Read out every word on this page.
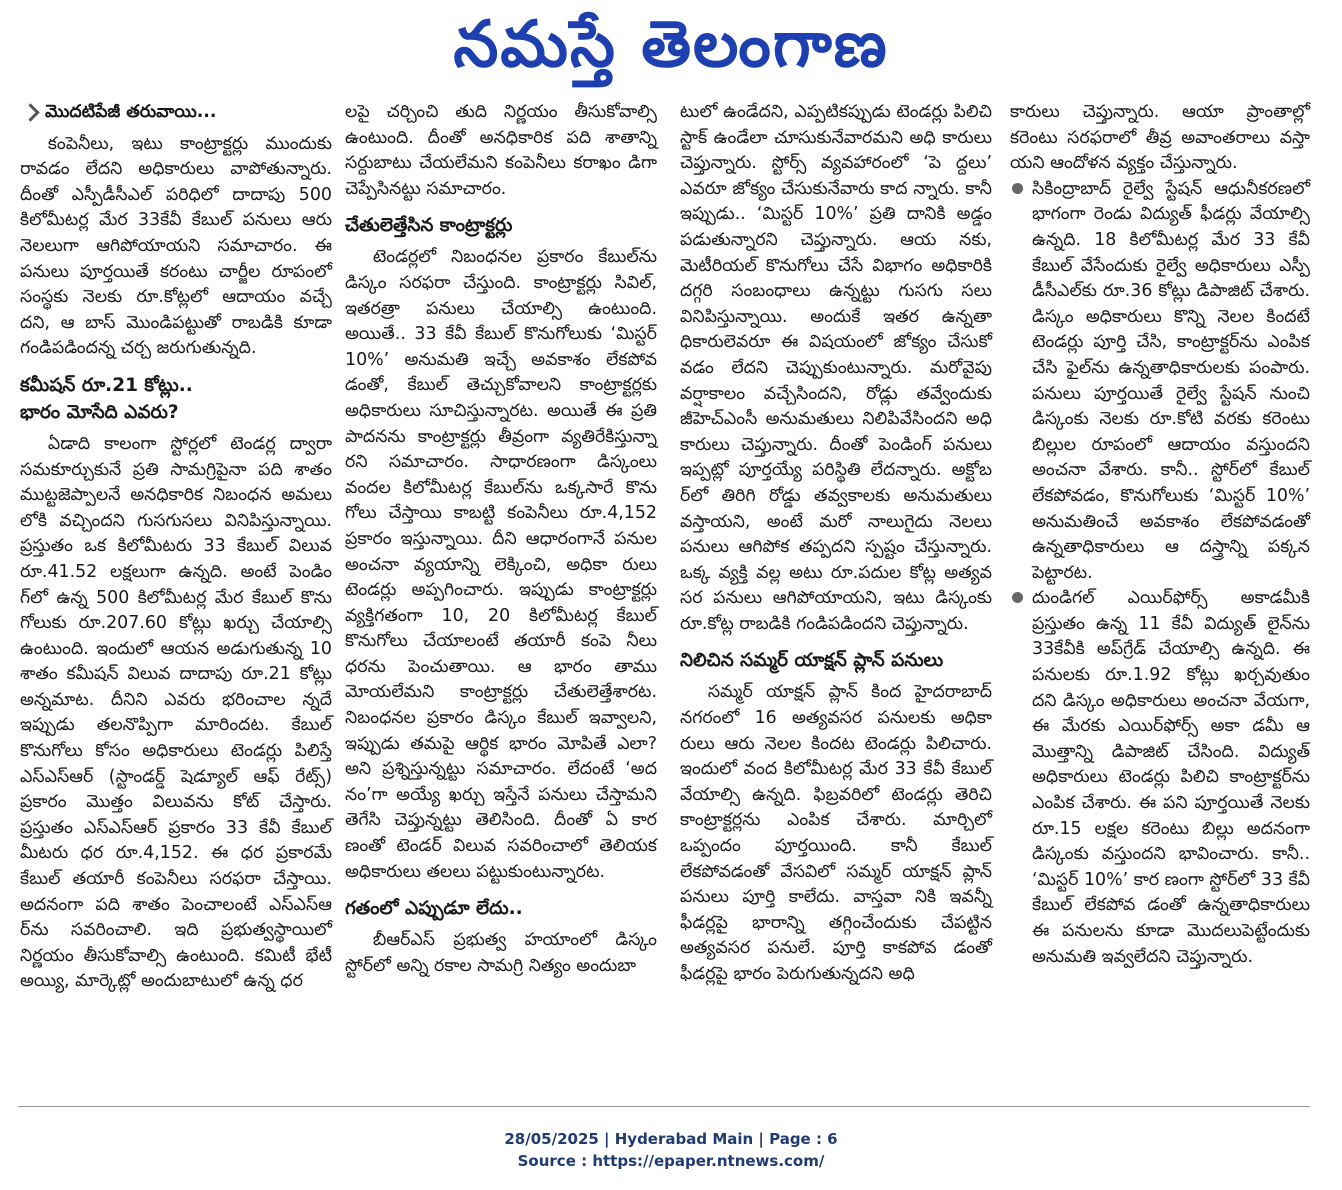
నమస్తే తెలంగాణ
మొదటిపేజీ తరువాయి...

కంపెనీలు, ఇటు కాంట్రాక్టర్లు ముందుకు రావడం లేదని అధికారులు వాపోతున్నారు. దీంతో ఎస్పీడీసీఎల్ పరిధిలో దాదాపు 500 కిలోమీటర్ల మేర 33కేవీ కేబుల్ పనులు ఆరు నెలలుగా ఆగిపోయాయని సమాచారం. ఈ పనులు పూర్తయితే కరంటు చార్జీల రూపంలో సంస్థకు నెలకు రూ.కోట్లలో ఆదాయం వచ్చే దని, ఆ బాస్ మొండిపట్టుతో రాబడికి కూడా గండిపడిందన్న చర్చ జరుగుతున్నది.

కమీషన్ రూ.21 కోట్లు..
భారం మోసేది ఎవరు?

ఏడాది కాలంగా స్టోర్లలో టెండర్ల ద్వారా సమకూర్చుకునే ప్రతి సామగ్రిపైనా పది శాతం ముట్టజెప్పాలనే అనధికారిక నిబంధన అమలు లోకి వచ్చిందని గుసగుసలు వినిపిస్తున్నాయి. ప్రస్తుతం ఒక కిలోమీటరు 33 కేబుల్ విలువ రూ.41.52 లక్షలుగా ఉన్నది. అంటే పెండిం గ్‌లో ఉన్న 500 కిలోమీటర్ల మేర కేబుల్ కొను గోలుకు రూ.207.60 కోట్లు ఖర్చు చేయాల్సి ఉంటుంది. ఇందులో ఆయన అడుగుతున్న 10 శాతం కమీషన్ విలువ దాదాపు రూ.21 కోట్లు అన్నమాట. దీనిని ఎవరు భరించాల న్నదే ఇప్పుడు తలనొప్పిగా మారిందట. కేబుల్ కొనుగోలు కోసం అధికారులు టెండర్లు పిలిస్తే ఎస్ఎస్ఆర్ (స్టాండర్డ్ షెడ్యూల్ ఆఫ్ రేట్స్) ప్రకారం మొత్తం విలువను కోట్ చేస్తారు. ప్రస్తుతం ఎస్ఎస్ఆర్ ప్రకారం 33 కేవీ కేబుల్ మీటరు ధర రూ.4,152. ఈ ధర ప్రకారమే కేబుల్ తయారీ కంపెనీలు సరఫరా చేస్తాయి. అదనంగా పది శాతం పెంచాలంటే ఎస్ఎస్ఆ ర్‌ను సవరించాలి. ఇది ప్రభుత్వస్థాయిలో నిర్ణయం తీసుకోవాల్సి ఉంటుంది. కమిటీ భేటీ అయ్యి, మార్కెట్లో అందుబాటులో ఉన్న ధర

లపై చర్చించి తుది నిర్ణయం తీసుకోవాల్సి ఉంటుంది. దీంతో అనధికారిక పది శాతాన్ని సర్దుబాటు చేయలేమని కంపెనీలు కరాఖం డిగా చెప్పేసినట్టు సమాచారం.

చేతులెత్తేసిన కాంట్రాక్టర్లు

టెండర్లలో నిబంధనల ప్రకారం కేబుల్‌ను డిస్కం సరఫరా చేస్తుంది. కాంట్రాక్టర్లు సివిల్, ఇతరత్రా పనులు చేయాల్సి ఉంటుంది. అయితే.. 33 కేవీ కేబుల్ కొనుగోలుకు ‘మిస్టర్ 10%’ అనుమతి ఇచ్చే అవకాశం లేకపోవ డంతో, కేబుల్ తెచ్చుకోవాలని కాంట్రాక్టర్లకు అధికారులు సూచిస్తున్నారట. అయితే ఈ ప్రతి పాదనను కాంట్రాక్టర్లు తీవ్రంగా వ్యతిరేకిస్తున్నా రని సమాచారం. సాధారణంగా డిస్కంలు వందల కిలోమీటర్ల కేబుల్‌ను ఒక్కసారే కొను గోలు చేస్తాయి కాబట్టి కంపెనీలు రూ.4,152 ప్రకారం ఇస్తున్నాయి. దీని ఆధారంగానే పనుల అంచనా వ్యయాన్ని లెక్కించి, అధికా రులు టెండర్లు అప్పగించారు. ఇప్పుడు కాంట్రాక్టర్లు వ్యక్తిగతంగా 10, 20 కిలోమీటర్ల కేబుల్ కొనుగోలు చేయాలంటే తయారీ కంపె నీలు ధరను పెంచుతాయి. ఆ భారం తాము మోయలేమని కాంట్రాక్టర్లు చేతులెత్తేశారట. నిబంధనల ప్రకారం డిస్కం కేబుల్ ఇవ్వాలని, ఇప్పుడు తమపై ఆర్థిక భారం మోపితే ఎలా? అని ప్రశ్నిస్తున్నట్టు సమాచారం. లేదంటే ‘అద నం’గా అయ్యే ఖర్చు ఇస్తేనే పనులు చేస్తామని తెగేసి చెప్తున్నట్టు తెలిసింది. దీంతో ఏ కార ణంతో టెండర్ విలువ సవరించాలో తెలియక అధికారులు తలలు పట్టుకుంటున్నారట.

గతంలో ఎప్పుడూ లేదు..

బీఆర్ఎస్ ప్రభుత్వ హయాంలో డిస్కం స్టోర్‌లో అన్ని రకాల సామగ్రి నిత్యం అందుబా

టులో ఉండేదని, ఎప్పటికప్పుడు టెండర్లు పిలిచి స్టాక్ ఉండేలా చూసుకునేవారమని అధి కారులు చెప్తున్నారు. స్టోర్స్ వ్యవహారంలో ‘పె ద్దలు’ ఎవరూ జోక్యం చేసుకునేవారు కాద న్నారు. కానీ ఇప్పుడు.. ‘మిస్టర్ 10%’ ప్రతి దానికి అడ్డం పడుతున్నారని చెప్తున్నారు. ఆయ నకు, మెటీరియల్ కొనుగోలు చేసే విభాగం అధికారికి దగ్గరి సంబంధాలు ఉన్నట్టు గుసగు సలు వినిపిస్తున్నాయి. అందుకే ఇతర ఉన్నతా ధికారులెవరూ ఈ విషయంలో జోక్యం చేసుకో వడం లేదని చెప్పుకుంటున్నారు. మరోవైపు వర్షాకాలం వచ్చేసిందని, రోడ్లు తవ్వేందుకు జీహెచ్ఎంసీ అనుమతులు నిలిపివేసిందని అధి కారులు చెప్తున్నారు. దీంతో పెండింగ్ పనులు ఇప్పట్లో పూర్తయ్యే పరిస్థితి లేదన్నారు. అక్టోబ ర్‌లో తిరిగి రోడ్డు తవ్వకాలకు అనుమతులు వస్తాయని, అంటే మరో నాలుగైదు నెలలు పనులు ఆగిపోక తప్పదని స్పష్టం చేస్తున్నారు. ఒక్క వ్యక్తి వల్ల అటు రూ.పదుల కోట్ల అత్యవ సర పనులు ఆగిపోయాయని, ఇటు డిస్కంకు రూ.కోట్ల రాబడికి గండిపడిందని చెప్తున్నారు.

నిలిచిన సమ్మర్ యాక్షన్ ప్లాన్ పనులు

సమ్మర్ యాక్షన్ ప్లాన్ కింద హైదరాబాద్ నగరంలో 16 అత్యవసర పనులకు అధికా రులు ఆరు నెలల కిందట టెండర్లు పిలిచారు. ఇందులో వంద కిలోమీటర్ల మేర 33 కేవీ కేబుల్ వేయాల్సి ఉన్నది. ఫిబ్రవరిలో టెండర్లు తెరిచి కాంట్రాక్టర్లను ఎంపిక చేశారు. మార్చిలో ఒప్పందం పూర్తయింది. కానీ కేబుల్ లేకపోవడంతో వేసవిలో సమ్మర్ యాక్షన్ ప్లాన్ పనులు పూర్తి కాలేదు. వాస్తవా నికి ఇవన్నీ ఫీడర్లపై భారాన్ని తగ్గించేందుకు చేపట్టిన అత్యవసర పనులే. పూర్తి కాకపోవ డంతో ఫీడర్లపై భారం పెరుగుతున్నదని అధి

కారులు చెప్తున్నారు. ఆయా ప్రాంతాల్లో కరెంటు సరఫరాలో తీవ్ర అవాంతరాలు వస్తా యని ఆందోళన వ్యక్తం చేస్తున్నారు.

సికింద్రాబాద్ రైల్వే స్టేషన్ ఆధునీకరణలో భాగంగా రెండు విద్యుత్ ఫీడర్లు వేయాల్సి ఉన్నది. 18 కిలోమీటర్ల మేర 33 కేవీ కేబుల్ వేసేందుకు రైల్వే అధికారులు ఎస్పీ డీసీఎల్‌కు రూ.36 కోట్లు డిపాజిట్ చేశారు. డిస్కం అధికారులు కొన్ని నెలల కిందటే టెండర్లు పూర్తి చేసి, కాంట్రాక్టర్‌ను ఎంపిక చేసి ఫైల్‌ను ఉన్నతాధికారులకు పంపారు. పనులు పూర్తయితే రైల్వే స్టేషన్ నుంచి డిస్కంకు నెలకు రూ.కోటి వరకు కరెంటు బిల్లుల రూపంలో ఆదాయం వస్తుందని అంచనా వేశారు. కానీ.. స్టోర్‌లో కేబుల్ లేకపోవడం, కొనుగోలుకు ‘మిస్టర్ 10%’ అనుమతించే అవకాశం లేకపోవడంతో ఉన్నతాధికారులు ఆ దస్త్రాన్ని పక్కన పెట్టారట.

దుండిగల్ ఎయిర్‌ఫోర్స్ అకాడమీకి ప్రస్తుతం ఉన్న 11 కేవీ విద్యుత్ లైన్‌ను 33కేవీకి అప్‌గ్రేడ్ చేయాల్సి ఉన్నది. ఈ పనులకు రూ.1.92 కోట్లు ఖర్చవుతుం దని డిస్కం అధికారులు అంచనా వేయగా, ఈ మేరకు ఎయిర్‌ఫోర్స్ అకా డమీ ఆ మొత్తాన్ని డిపాజిట్ చేసింది. విద్యుత్ అధికారులు టెండర్లు పిలిచి కాంట్రాక్టర్‌ను ఎంపిక చేశారు. ఈ పని పూర్తయితే నెలకు రూ.15 లక్షల కరెంటు బిల్లు అదనంగా డిస్కంకు వస్తుందని భావించారు. కానీ.. ‘మిస్టర్ 10%’ కార ణంగా స్టోర్‌లో 33 కేవీ కేబుల్ లేకపోవ డంతో ఉన్నతాధికారులు ఈ పనులను కూడా మొదలుపెట్టేందుకు అనుమతి ఇవ్వలేదని చెప్తున్నారు.

28/05/2025 | Hyderabad Main | Page : 6
Source : https://epaper.ntnews.com/
